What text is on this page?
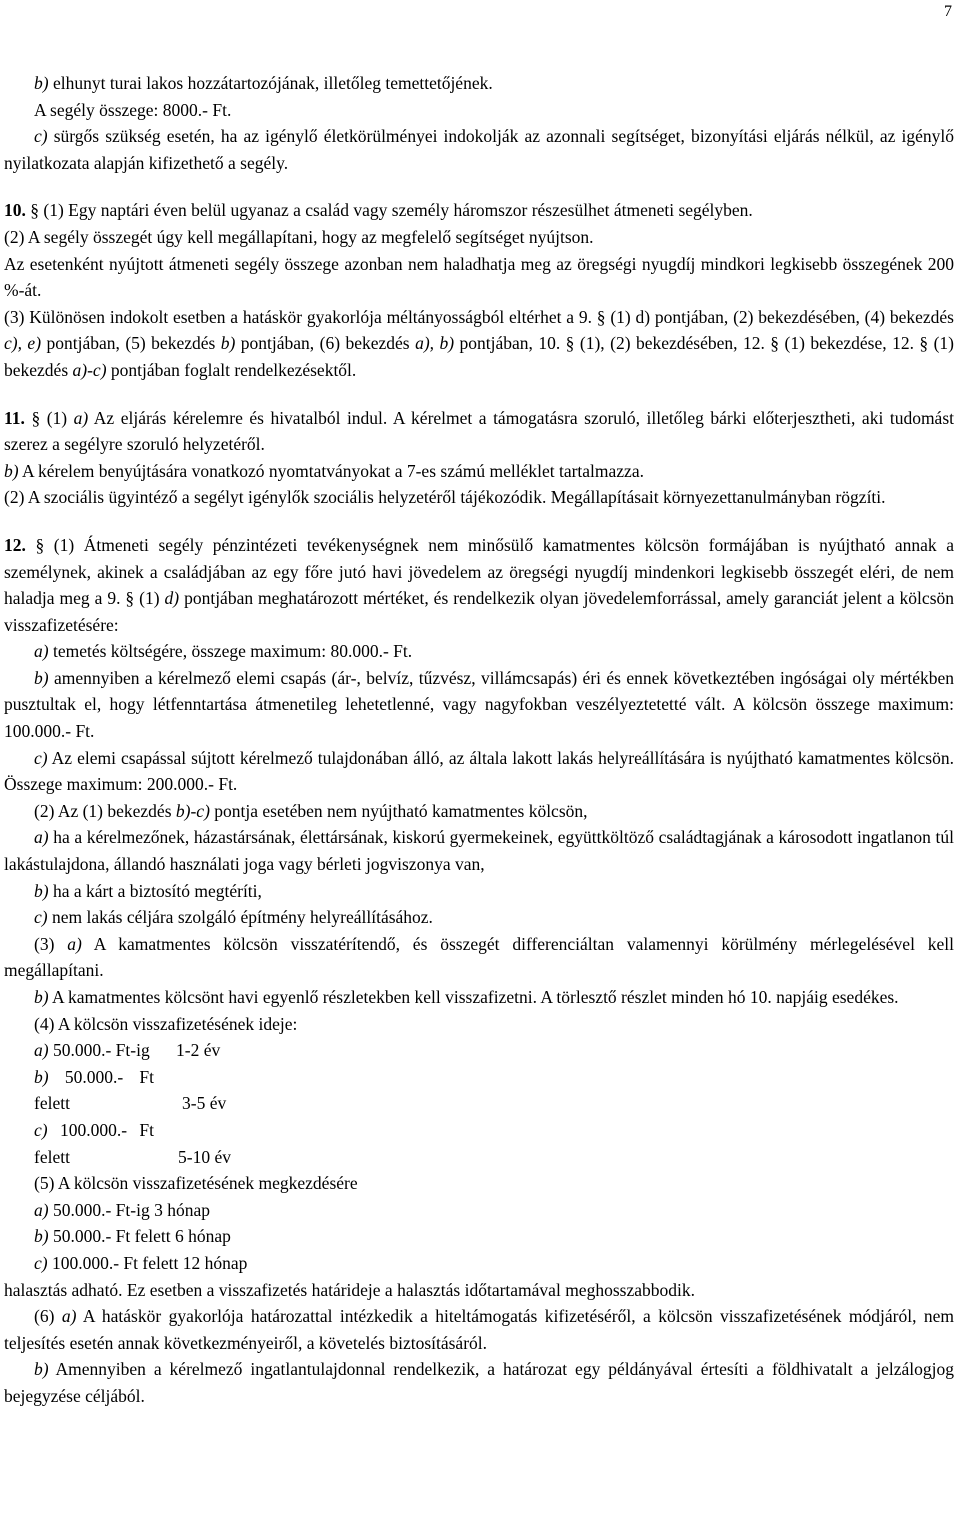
7

b) elhunyt turai lakos hozzátartozójának, illetőleg temettetőjének.

A segély összege: 8000.- Ft.

c) sürgős szükség esetén, ha az igénylő életkörülményei indokolják az azonnali segítséget, bizonyítási eljárás nélkül, az igénylő nyilatkozata alapján kifizethető a segély.

10. § (1) Egy naptári éven belül ugyanaz a család vagy személy háromszor részesülhet átmeneti segélyben.

(2) A segély összegét úgy kell megállapítani, hogy az megfelelő segítséget nyújtson.

Az esetenként nyújtott átmeneti segély összege azonban nem haladhatja meg az öregségi nyugdíj mindkori legkisebb összegének 200 %-át.

(3) Különösen indokolt esetben a hatáskör gyakorlója méltányosságból eltérhet a 9. § (1) d) pontjában, (2) bekezdésében, (4) bekezdés c), e) pontjában, (5) bekezdés b) pontjában, (6) bekezdés a), b) pontjában, 10. § (1), (2) bekezdésében, 12. § (1) bekezdése, 12. § (1) bekezdés a)-c) pontjában foglalt rendelkezésektől.

11. § (1) a) Az eljárás kérelemre és hivatalból indul. A kérelmet a támogatásra szoruló, illetőleg bárki előterjesztheti, aki tudomást szerez a segélyre szoruló helyzetéről.

b) A kérelem benyújtására vonatkozó nyomtatványokat a 7-es számú melléklet tartalmazza.

(2) A szociális ügyintéző a segélyt igénylők szociális helyzetéről tájékozódik. Megállapításait környezettanulmányban rögzíti.

12. § (1) Átmeneti segély pénzintézeti tevékenységnek nem minősülő kamatmentes kölcsön formájában is nyújtható annak a személynek, akinek a családjában az egy főre jutó havi jövedelem az öregségi nyugdíj mindenkori legkisebb összegét eléri, de nem haladja meg a 9. § (1) d) pontjában meghatározott mértéket, és rendelkezik olyan jövedelemforrással, amely garanciát jelent a kölcsön visszafizetésére:

a) temetés költségére, összege maximum: 80.000.- Ft.

b) amennyiben a kérelmező elemi csapás (ár-, belvíz, tűzvész, villámcsapás) éri és ennek következtében ingóságai oly mértékben pusztultak el, hogy létfenntartása átmenetileg lehetetlenné, vagy nagyfokban veszélyeztetetté vált. A kölcsön összege maximum: 100.000.- Ft.

c) Az elemi csapással sújtott kérelmező tulajdonában álló, az általa lakott lakás helyreállítására is nyújtható kamatmentes kölcsön. Összege maximum: 200.000.- Ft.

(2) Az (1) bekezdés b)-c) pontja esetében nem nyújtható kamatmentes kölcsön,

a) ha a kérelmezőnek, házastársának, élettársának, kiskorú gyermekeinek, együttköltöző családtagjának a károsodott ingatlanon túl lakástulajdona, állandó használati joga vagy bérleti jogviszonya van,

b) ha a kárt a biztosító megtéríti,

c) nem lakás céljára szolgáló építmény helyreállításához.

(3) a) A kamatmentes kölcsön visszatérítendő, és összegét differenciáltan valamennyi körülmény mérlegelésével kell megállapítani.

b) A kamatmentes kölcsönt havi egyenlő részletekben kell visszafizetni. A törlesztő részlet minden hó 10. napjáig esedékes.

(4) A kölcsön visszafizetésének ideje:

a) 50.000.- Ft-ig 1-2 év

b) 50.000.- Ft felett	3-5 év

c) 100.000.- Ft felett	5-10 év

(5) A kölcsön visszafizetésének megkezdésére

a) 50.000.- Ft-ig 3 hónap

b) 50.000.- Ft felett 6 hónap

c) 100.000.- Ft felett 12 hónap

halasztás adható. Ez esetben a visszafizetés határideje a halasztás időtartamával meghosszabbodik.

(6) a) A hatáskör gyakorlója határozattal intézkedik a hiteltámogatás kifizetéséről, a kölcsön visszafizetésének módjáról, nem teljesítés esetén annak következményeiről, a követelés biztosításáról.

b) Amennyiben a kérelmező ingatlantulajdonnal rendelkezik, a határozat egy példányával értesíti a földhivatalt a jelzálogjog bejegyzése céljából.
